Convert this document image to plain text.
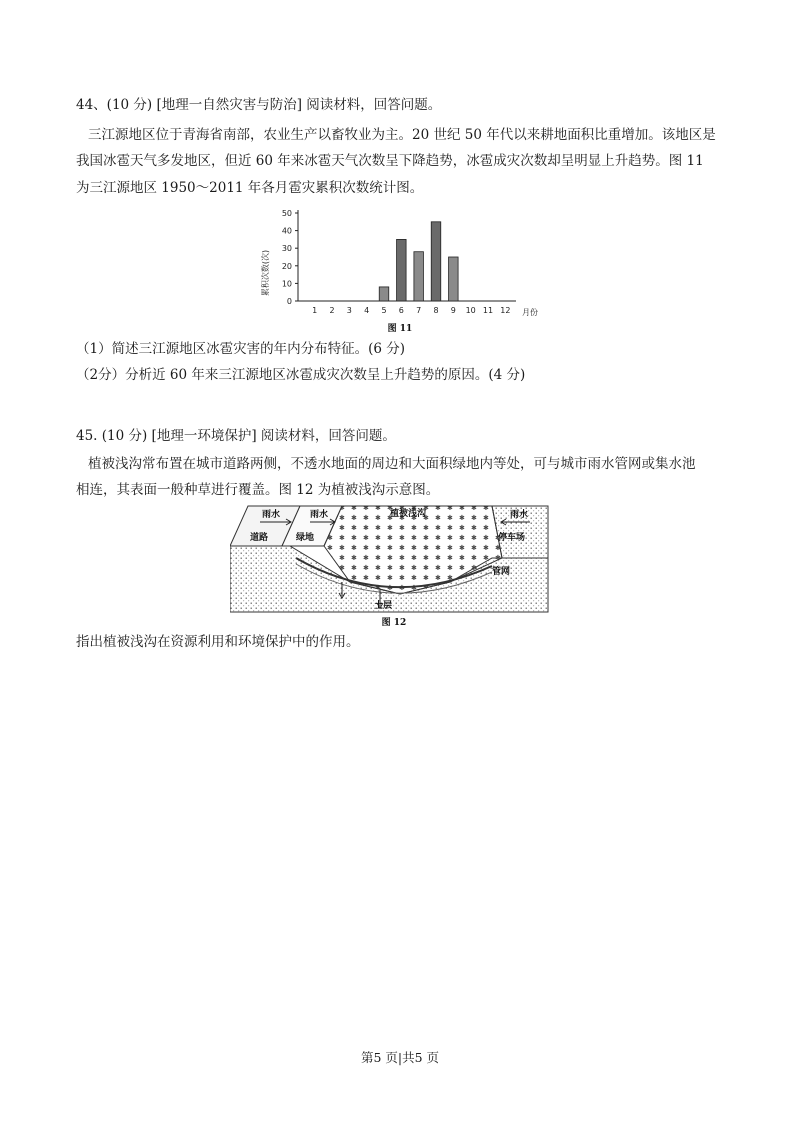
44、(10 分) [地理一自然灾害与防治] 阅读材料，回答问题。
三江源地区位于青海省南部，农业生产以畜牧业为主。20 世纪 50 年代以来耕地面积比重增加。该地区是
我国冰雹天气多发地区，但近 60 年来冰雹天气次数呈下降趋势，冰雹成灾次数却呈明显上升趋势。图 11
为三江源地区 1950～2011 年各月雹灾累积次数统计图。
累积次数(次)
0
10
20
30
40
50
1 2 3 4 5 6 7 8 9 10 11 12 月份
图 11
（1）简述三江源地区冰雹灾害的年内分布特征。(6 分)
（2分）分析近 60 年来三江源地区冰雹成灾次数呈上升趋势的原因。(4 分)
45. (10 分) [地理一环境保护] 阅读材料，回答问题。
植被浅沟常布置在城市道路两侧，不透水地面的周边和大面积绿地内等处，可与城市雨水管网或集水池
相连，其表面一般种草进行覆盖。图 12 为植被浅沟示意图。
雨水	雨水	雨水
道路	绿地
植被浅沟
停车场
管网
土层
图 12
指出植被浅沟在资源利用和环境保护中的作用。
第5 页|共5 页
